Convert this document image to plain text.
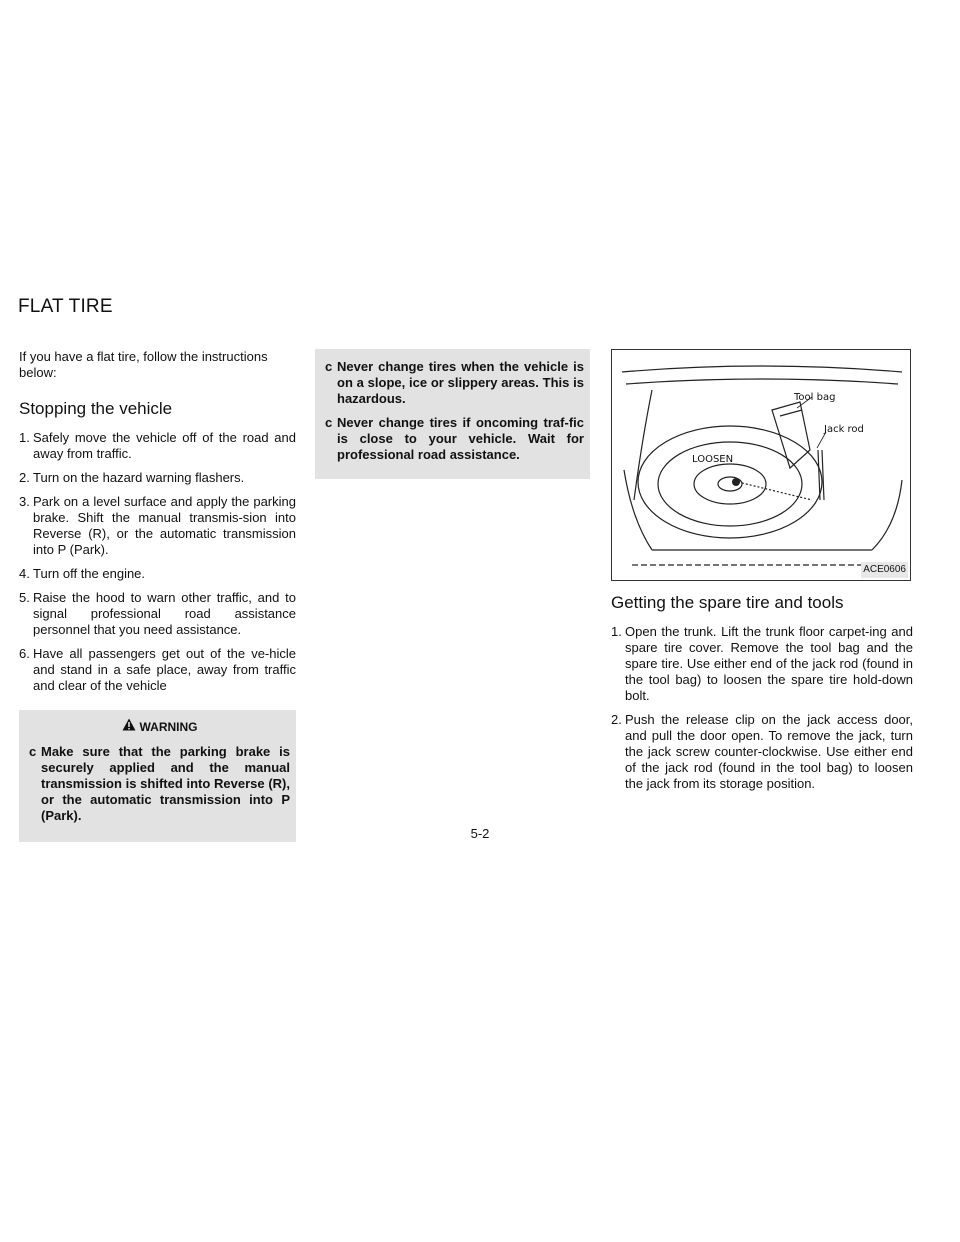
FLAT TIRE

If you have a flat tire, follow the instructions below:

Stopping the vehicle
1. Safely move the vehicle off of the road and away from traffic.
2. Turn on the hazard warning flashers.
3. Park on a level surface and apply the parking brake. Shift the manual transmis-sion into Reverse (R), or the automatic transmission into P (Park).
4. Turn off the engine.
5. Raise the hood to warn other traffic, and to signal professional road assistance personnel that you need assistance.
6. Have all passengers get out of the ve-hicle and stand in a safe place, away from traffic and clear of the vehicle
WARNING
c Make sure that the parking brake is securely applied and the manual transmission is shifted into Reverse (R), or the automatic transmission into P (Park).
c Never change tires when the vehicle is on a slope, ice or slippery areas. This is hazardous.
c Never change tires if oncoming traf-fic is close to your vehicle. Wait for professional road assistance.
Tool bag
Jack rod
LOOSEN
ACE0606
Getting the spare tire and tools
1. Open the trunk. Lift the trunk floor carpet-ing and spare tire cover. Remove the tool bag and the spare tire. Use either end of the jack rod (found in the tool bag) to loosen the spare tire hold-down bolt.
2. Push the release clip on the jack access door, and pull the door open. To remove the jack, turn the jack screw counter-clockwise. Use either end of the jack rod (found in the tool bag) to loosen the jack from its storage position.
5-2
